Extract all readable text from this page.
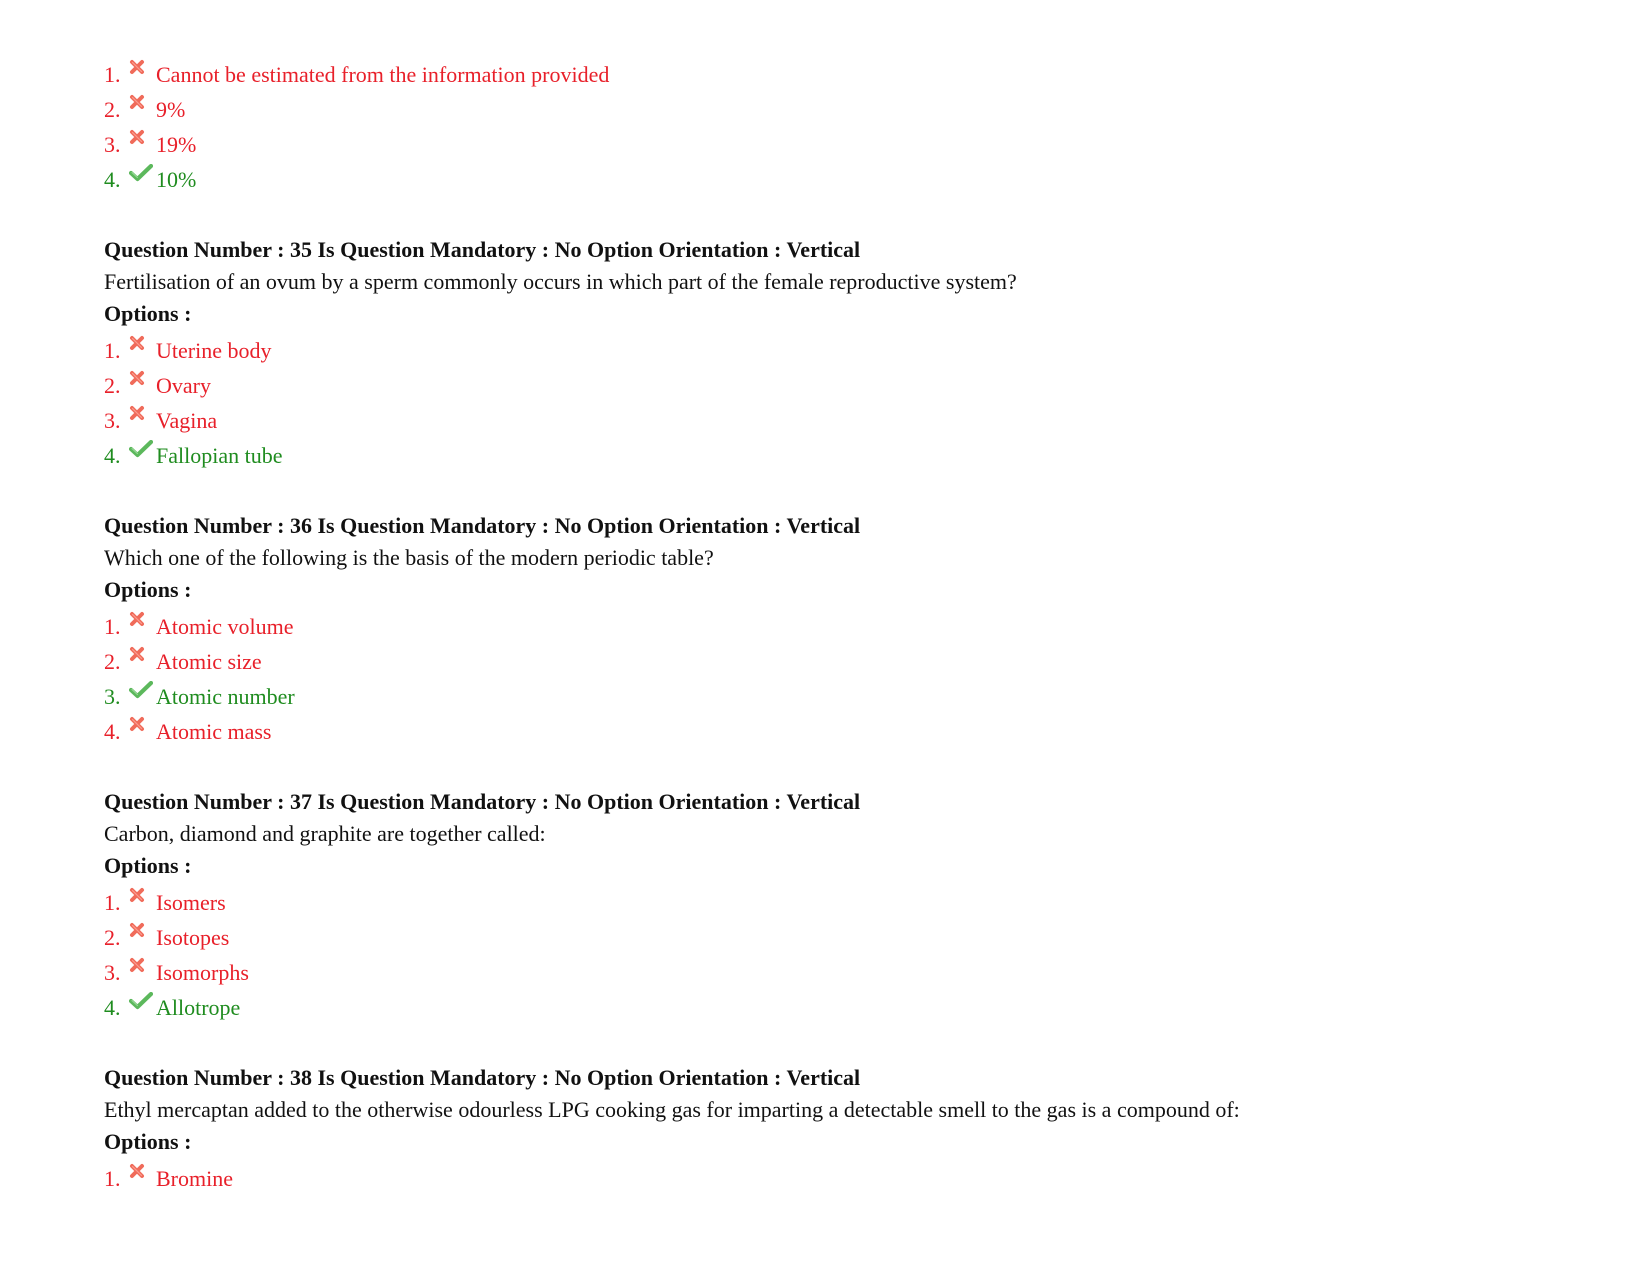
1.	Cannot be estimated from the information provided
2.	9%
3.	19%
4.	10%
Question Number : 35 Is Question Mandatory : No Option Orientation : Vertical
Fertilisation of an ovum by a sperm commonly occurs in which part of the female reproductive system?
Options :
1.	Uterine body
2.	Ovary
3.	Vagina
4.	Fallopian tube
Question Number : 36 Is Question Mandatory : No Option Orientation : Vertical
Which one of the following is the basis of the modern periodic table?
Options :
1.	Atomic volume
2.	Atomic size
3.	Atomic number
4.	Atomic mass
Question Number : 37 Is Question Mandatory : No Option Orientation : Vertical
Carbon, diamond and graphite are together called:
Options :
1.	Isomers
2.	Isotopes
3.	Isomorphs
4.	Allotrope
Question Number : 38 Is Question Mandatory : No Option Orientation : Vertical
Ethyl mercaptan added to the otherwise odourless LPG cooking gas for imparting a detectable smell to the gas is a compound of:
Options :
1.	Bromine
